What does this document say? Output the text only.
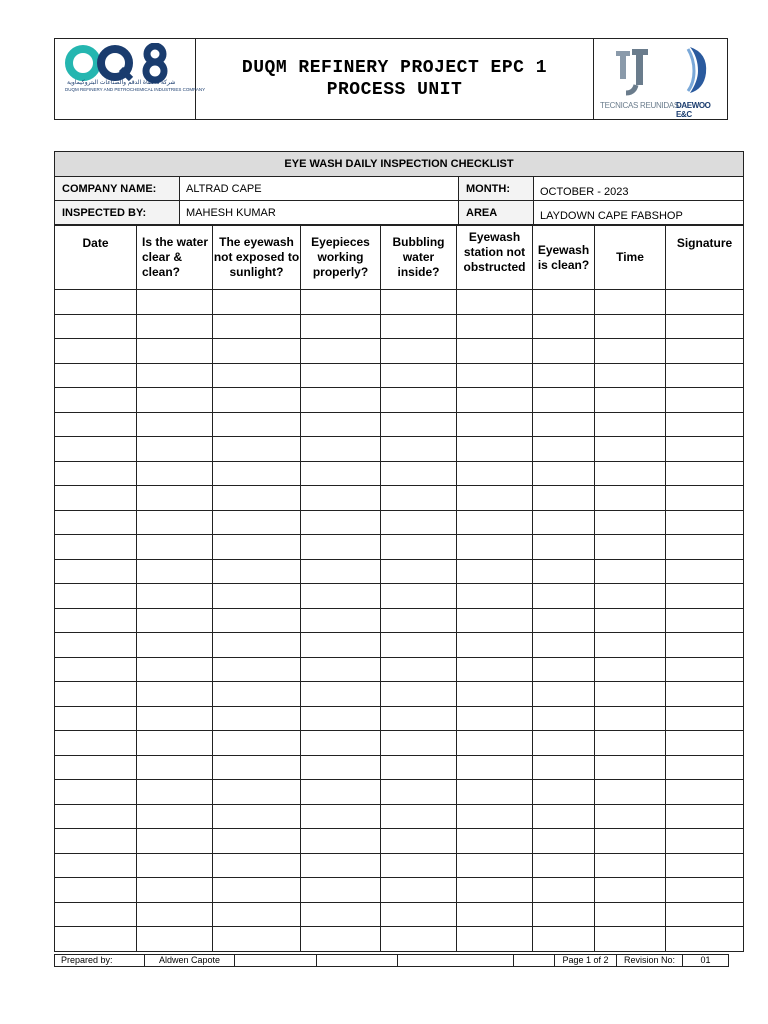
شركة مصفاة الدقم والصناعات البتروكيماوية
DUQM REFINERY AND PETROCHEMICAL INDUSTRIES COMPANY
DUQM REFINERY PROJECT EPC 1
PROCESS UNIT
TECNICAS REUNIDAS
DAEWOO E&C
EYE WASH DAILY INSPECTION CHECKLIST			
COMPANY NAME:	ALTRAD CAPE	MONTH:	OCTOBER - 2023
INSPECTED BY:	MAHESH KUMAR	AREA	LAYDOWN CAPE FABSHOP
Date	Is the water clear & clean?	The eyewash not exposed to sunlight?	Eyepieces working properly?	Bubbling water inside?	Eyewash station not obstructed	Eyewash is clean?	Time	Signature

Prepared by:	Aldwen Capote					Page 1 of 2	Revision No:	01
